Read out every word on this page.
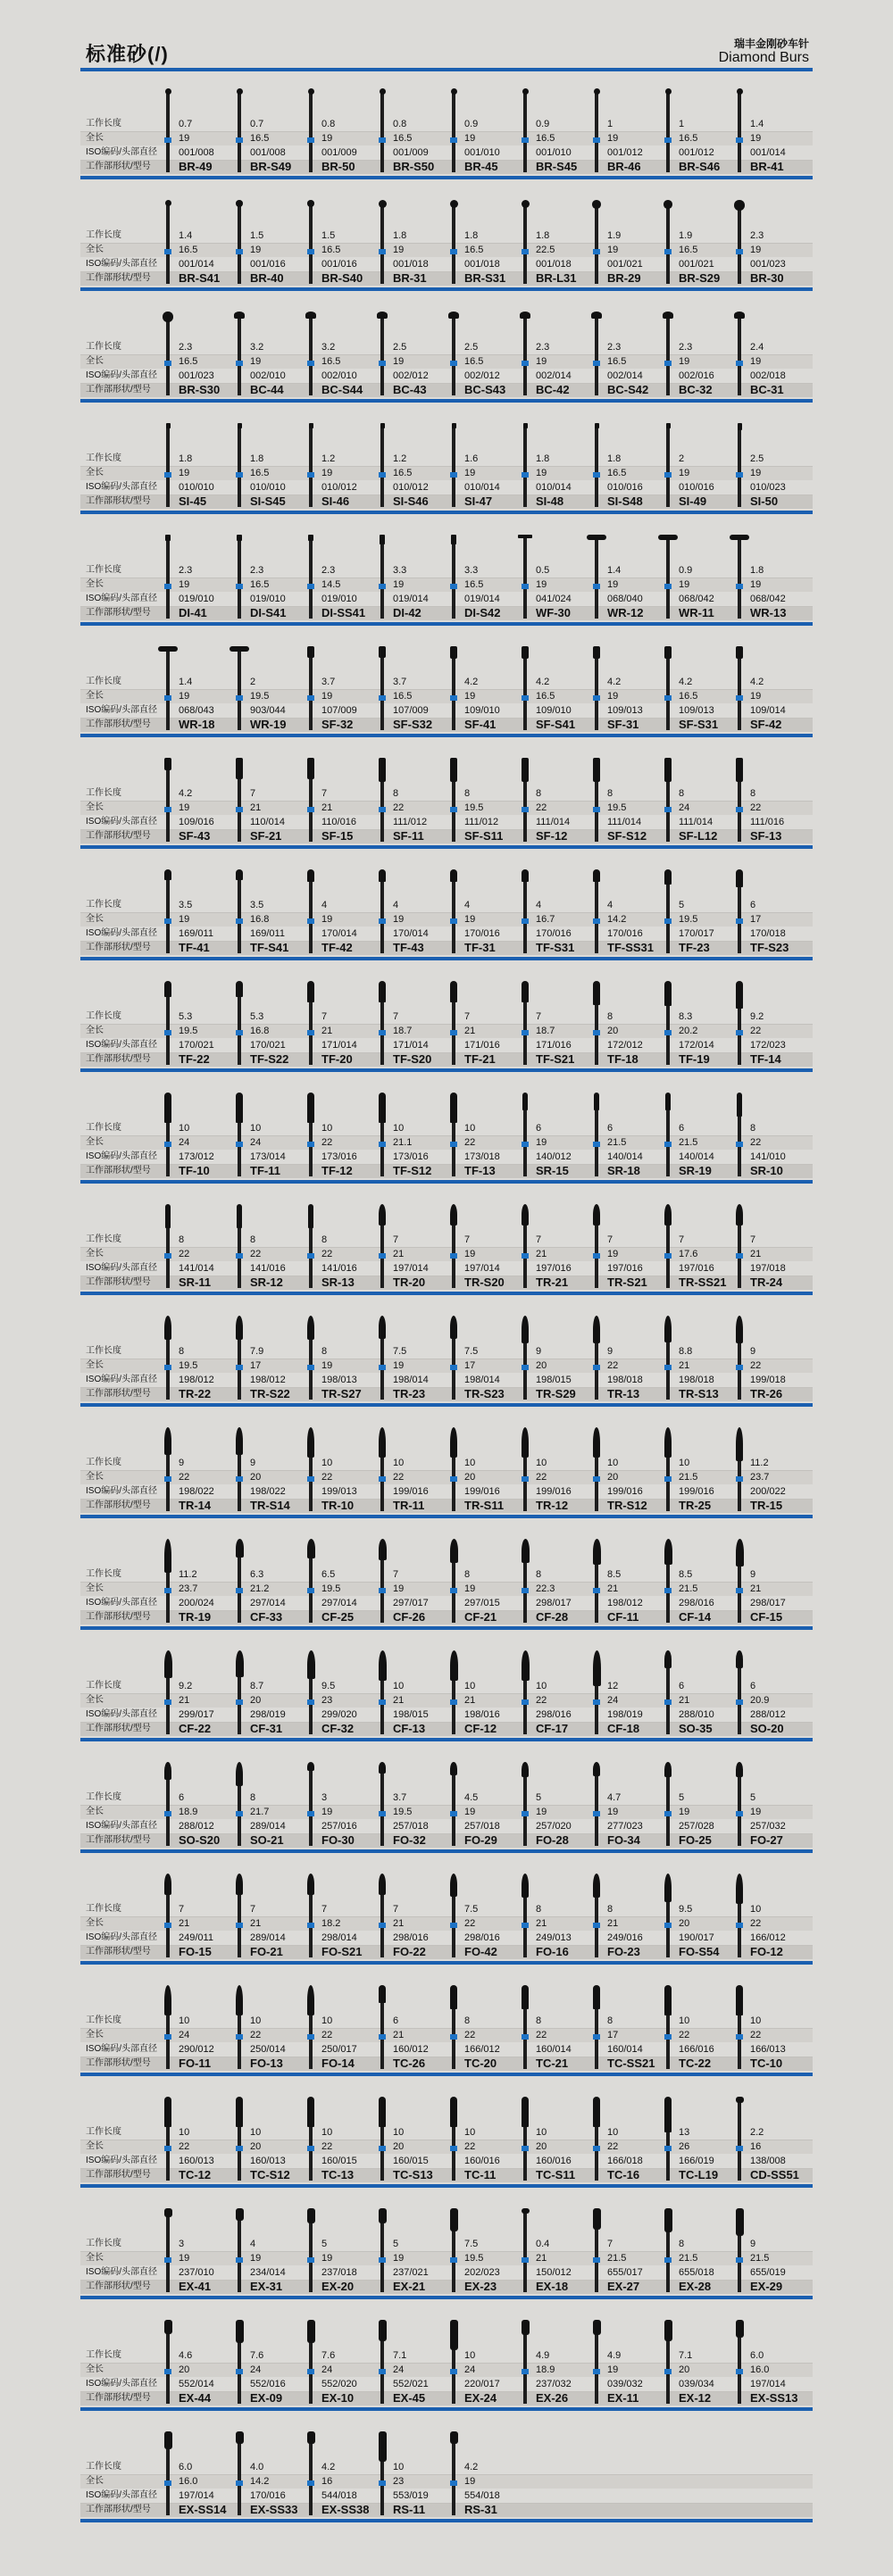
标准砂(/)	瑞丰金刚砂车针
Diamond Burs
工作长度
全长
ISO编码/头部直径
工作部形状/型号
0.7
19
001/008
BR-49
0.7
16.5
001/008
BR-S49
0.8
19
001/009
BR-50
0.8
16.5
001/009
BR-S50
0.9
19
001/010
BR-45
0.9
16.5
001/010
BR-S45
1
19
001/012
BR-46
1
16.5
001/012
BR-S46
1.4
19
001/014
BR-41
工作长度
全长
ISO编码/头部直径
工作部形状/型号
1.4
16.5
001/014
BR-S41
1.5
19
001/016
BR-40
1.5
16.5
001/016
BR-S40
1.8
19
001/018
BR-31
1.8
16.5
001/018
BR-S31
1.8
22.5
001/018
BR-L31
1.9
19
001/021
BR-29
1.9
16.5
001/021
BR-S29
2.3
19
001/023
BR-30
工作长度
全长
ISO编码/头部直径
工作部形状/型号
2.3
16.5
001/023
BR-S30
3.2
19
002/010
BC-44
3.2
16.5
002/010
BC-S44
2.5
19
002/012
BC-43
2.5
16.5
002/012
BC-S43
2.3
19
002/014
BC-42
2.3
16.5
002/014
BC-S42
2.3
19
002/016
BC-32
2.4
19
002/018
BC-31
工作长度
全长
ISO编码/头部直径
工作部形状/型号
1.8
19
010/010
SI-45
1.8
16.5
010/010
SI-S45
1.2
19
010/012
SI-46
1.2
16.5
010/012
SI-S46
1.6
19
010/014
SI-47
1.8
19
010/014
SI-48
1.8
16.5
010/016
SI-S48
2
19
010/016
SI-49
2.5
19
010/023
SI-50
工作长度
全长
ISO编码/头部直径
工作部形状/型号
2.3
19
019/010
DI-41
2.3
16.5
019/010
DI-S41
2.3
14.5
019/010
DI-SS41
3.3
19
019/014
DI-42
3.3
16.5
019/014
DI-S42
0.5
19
041/024
WF-30
1.4
19
068/040
WR-12
0.9
19
068/042
WR-11
1.8
19
068/042
WR-13
工作长度
全长
ISO编码/头部直径
工作部形状/型号
1.4
19
068/043
WR-18
2
19.5
903/044
WR-19
3.7
19
107/009
SF-32
3.7
16.5
107/009
SF-S32
4.2
19
109/010
SF-41
4.2
16.5
109/010
SF-S41
4.2
19
109/013
SF-31
4.2
16.5
109/013
SF-S31
4.2
19
109/014
SF-42
工作长度
全长
ISO编码/头部直径
工作部形状/型号
4.2
19
109/016
SF-43
7
21
110/014
SF-21
7
21
110/016
SF-15
8
22
111/012
SF-11
8
19.5
111/012
SF-S11
8
22
111/014
SF-12
8
19.5
111/014
SF-S12
8
24
111/014
SF-L12
8
22
111/016
SF-13
工作长度
全长
ISO编码/头部直径
工作部形状/型号
3.5
19
169/011
TF-41
3.5
16.8
169/011
TF-S41
4
19
170/014
TF-42
4
19
170/014
TF-43
4
19
170/016
TF-31
4
16.7
170/016
TF-S31
4
14.2
170/016
TF-SS31
5
19.5
170/017
TF-23
6
17
170/018
TF-S23
工作长度
全长
ISO编码/头部直径
工作部形状/型号
5.3
19.5
170/021
TF-22
5.3
16.8
170/021
TF-S22
7
21
171/014
TF-20
7
18.7
171/014
TF-S20
7
21
171/016
TF-21
7
18.7
171/016
TF-S21
8
20
172/012
TF-18
8.3
20.2
172/014
TF-19
9.2
22
172/023
TF-14
工作长度
全长
ISO编码/头部直径
工作部形状/型号
10
24
173/012
TF-10
10
24
173/014
TF-11
10
22
173/016
TF-12
10
21.1
173/016
TF-S12
10
22
173/018
TF-13
6
19
140/012
SR-15
6
21.5
140/014
SR-18
6
21.5
140/014
SR-19
8
22
141/010
SR-10
工作长度
全长
ISO编码/头部直径
工作部形状/型号
8
22
141/014
SR-11
8
22
141/016
SR-12
8
22
141/016
SR-13
7
21
197/014
TR-20
7
19
197/014
TR-S20
7
21
197/016
TR-21
7
19
197/016
TR-S21
7
17.6
197/016
TR-SS21
7
21
197/018
TR-24
工作长度
全长
ISO编码/头部直径
工作部形状/型号
8
19.5
198/012
TR-22
7.9
17
198/012
TR-S22
8
19
198/013
TR-S27
7.5
19
198/014
TR-23
7.5
17
198/014
TR-S23
9
20
198/015
TR-S29
9
22
198/018
TR-13
8.8
21
198/018
TR-S13
9
22
199/018
TR-26
工作长度
全长
ISO编码/头部直径
工作部形状/型号
9
22
198/022
TR-14
9
20
198/022
TR-S14
10
22
199/013
TR-10
10
22
199/016
TR-11
10
20
199/016
TR-S11
10
22
199/016
TR-12
10
20
199/016
TR-S12
10
21.5
199/016
TR-25
11.2
23.7
200/022
TR-15
工作长度
全长
ISO编码/头部直径
工作部形状/型号
11.2
23.7
200/024
TR-19
6.3
21.2
297/014
CF-33
6.5
19.5
297/014
CF-25
7
19
297/017
CF-26
8
19
297/015
CF-21
8
22.3
298/017
CF-28
8.5
21
198/012
CF-11
8.5
21.5
298/016
CF-14
9
21
298/017
CF-15
工作长度
全长
ISO编码/头部直径
工作部形状/型号
9.2
21
299/017
CF-22
8.7
20
298/019
CF-31
9.5
23
299/020
CF-32
10
21
198/015
CF-13
10
21
198/016
CF-12
10
22
298/016
CF-17
12
24
198/019
CF-18
6
21
288/010
SO-35
6
20.9
288/012
SO-20
工作长度
全长
ISO编码/头部直径
工作部形状/型号
6
18.9
288/012
SO-S20
8
21.7
289/014
SO-21
3
19
257/016
FO-30
3.7
19.5
257/018
FO-32
4.5
19
257/018
FO-29
5
19
257/020
FO-28
4.7
19
277/023
FO-34
5
19
257/028
FO-25
5
19
257/032
FO-27
工作长度
全长
ISO编码/头部直径
工作部形状/型号
7
21
249/011
FO-15
7
21
289/014
FO-21
7
18.2
298/014
FO-S21
7
21
298/016
FO-22
7.5
22
298/016
FO-42
8
21
249/013
FO-16
8
21
249/016
FO-23
9.5
20
190/017
FO-S54
10
22
166/012
FO-12
工作长度
全长
ISO编码/头部直径
工作部形状/型号
10
24
290/012
FO-11
10
22
250/014
FO-13
10
22
250/017
FO-14
6
21
160/012
TC-26
8
22
166/012
TC-20
8
22
160/014
TC-21
8
17
160/014
TC-SS21
10
22
166/016
TC-22
10
22
166/013
TC-10
工作长度
全长
ISO编码/头部直径
工作部形状/型号
10
22
160/013
TC-12
10
20
160/013
TC-S12
10
22
160/015
TC-13
10
20
160/015
TC-S13
10
22
160/016
TC-11
10
20
160/016
TC-S11
10
22
166/018
TC-16
13
26
166/019
TC-L19
2.2
16
138/008
CD-SS51
工作长度
全长
ISO编码/头部直径
工作部形状/型号
3
19
237/010
EX-41
4
19
234/014
EX-31
5
19
237/018
EX-20
5
19
237/021
EX-21
7.5
19.5
202/023
EX-23
0.4
21
150/012
EX-18
7
21.5
655/017
EX-27
8
21.5
655/018
EX-28
9
21.5
655/019
EX-29
工作长度
全长
ISO编码/头部直径
工作部形状/型号
4.6
20
552/014
EX-44
7.6
24
552/016
EX-09
7.6
24
552/020
EX-10
7.1
24
552/021
EX-45
10
24
220/017
EX-24
4.9
18.9
237/032
EX-26
4.9
19
039/032
EX-11
7.1
20
039/034
EX-12
6.0
16.0
197/014
EX-SS13
工作长度
全长
ISO编码/头部直径
工作部形状/型号
6.0
16.0
197/014
EX-SS14
4.0
14.2
170/016
EX-SS33
4.2
16
544/018
EX-SS38
10
23
553/019
RS-11
4.2
19
554/018
RS-31
